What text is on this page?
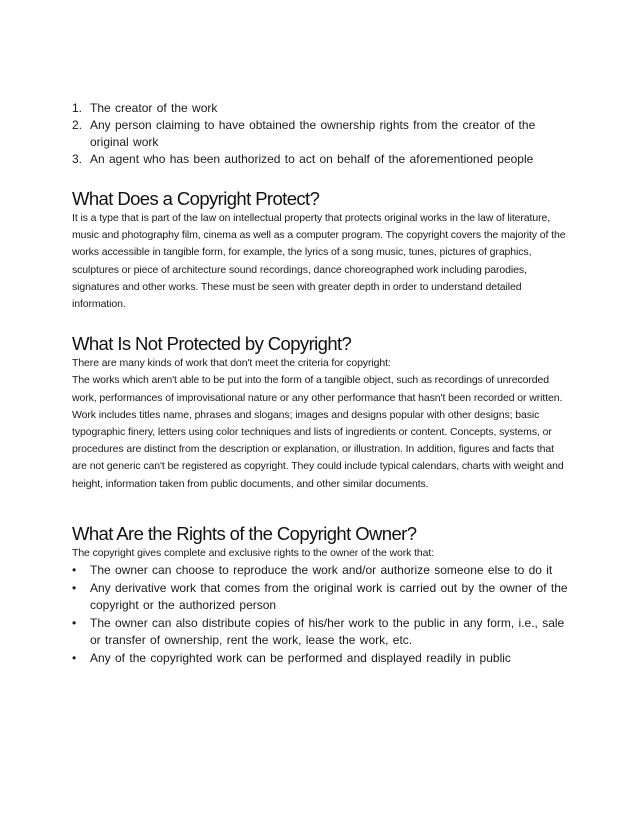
1. The creator of the work
2. Any person claiming to have obtained the ownership rights from the creator of the original work
3. An agent who has been authorized to act on behalf of the aforementioned people
What Does a Copyright Protect?

It is a type that is part of the law on intellectual property that protects original works in the law of literature, music and photography film, cinema as well as a computer program. The copyright covers the majority of the works accessible in tangible form, for example, the lyrics of a song music, tunes, pictures of graphics, sculptures or piece of architecture sound recordings, dance choreographed work including parodies, signatures and other works. These must be seen with greater depth in order to understand detailed information.

What Is Not Protected by Copyright?

There are many kinds of work that don't meet the criteria for copyright:

The works which aren't able to be put into the form of a tangible object, such as recordings of unrecorded work, performances of improvisational nature or any other performance that hasn't been recorded or written. Work includes titles name, phrases and slogans; images and designs popular with other designs; basic typographic finery, letters using color techniques and lists of ingredients or content. Concepts, systems, or procedures are distinct from the description or explanation, or illustration. In addition, figures and facts that are not generic can't be registered as copyright. They could include typical calendars, charts with weight and height, information taken from public documents, and other similar documents.

What Are the Rights of the Copyright Owner?

The copyright gives complete and exclusive rights to the owner of the work that:

• The owner can choose to reproduce the work and/or authorize someone else to do it
• Any derivative work that comes from the original work is carried out by the owner of the copyright or the authorized person
• The owner can also distribute copies of his/her work to the public in any form, i.e., sale or transfer of ownership, rent the work, lease the work, etc.
• Any of the copyrighted work can be performed and displayed readily in public
